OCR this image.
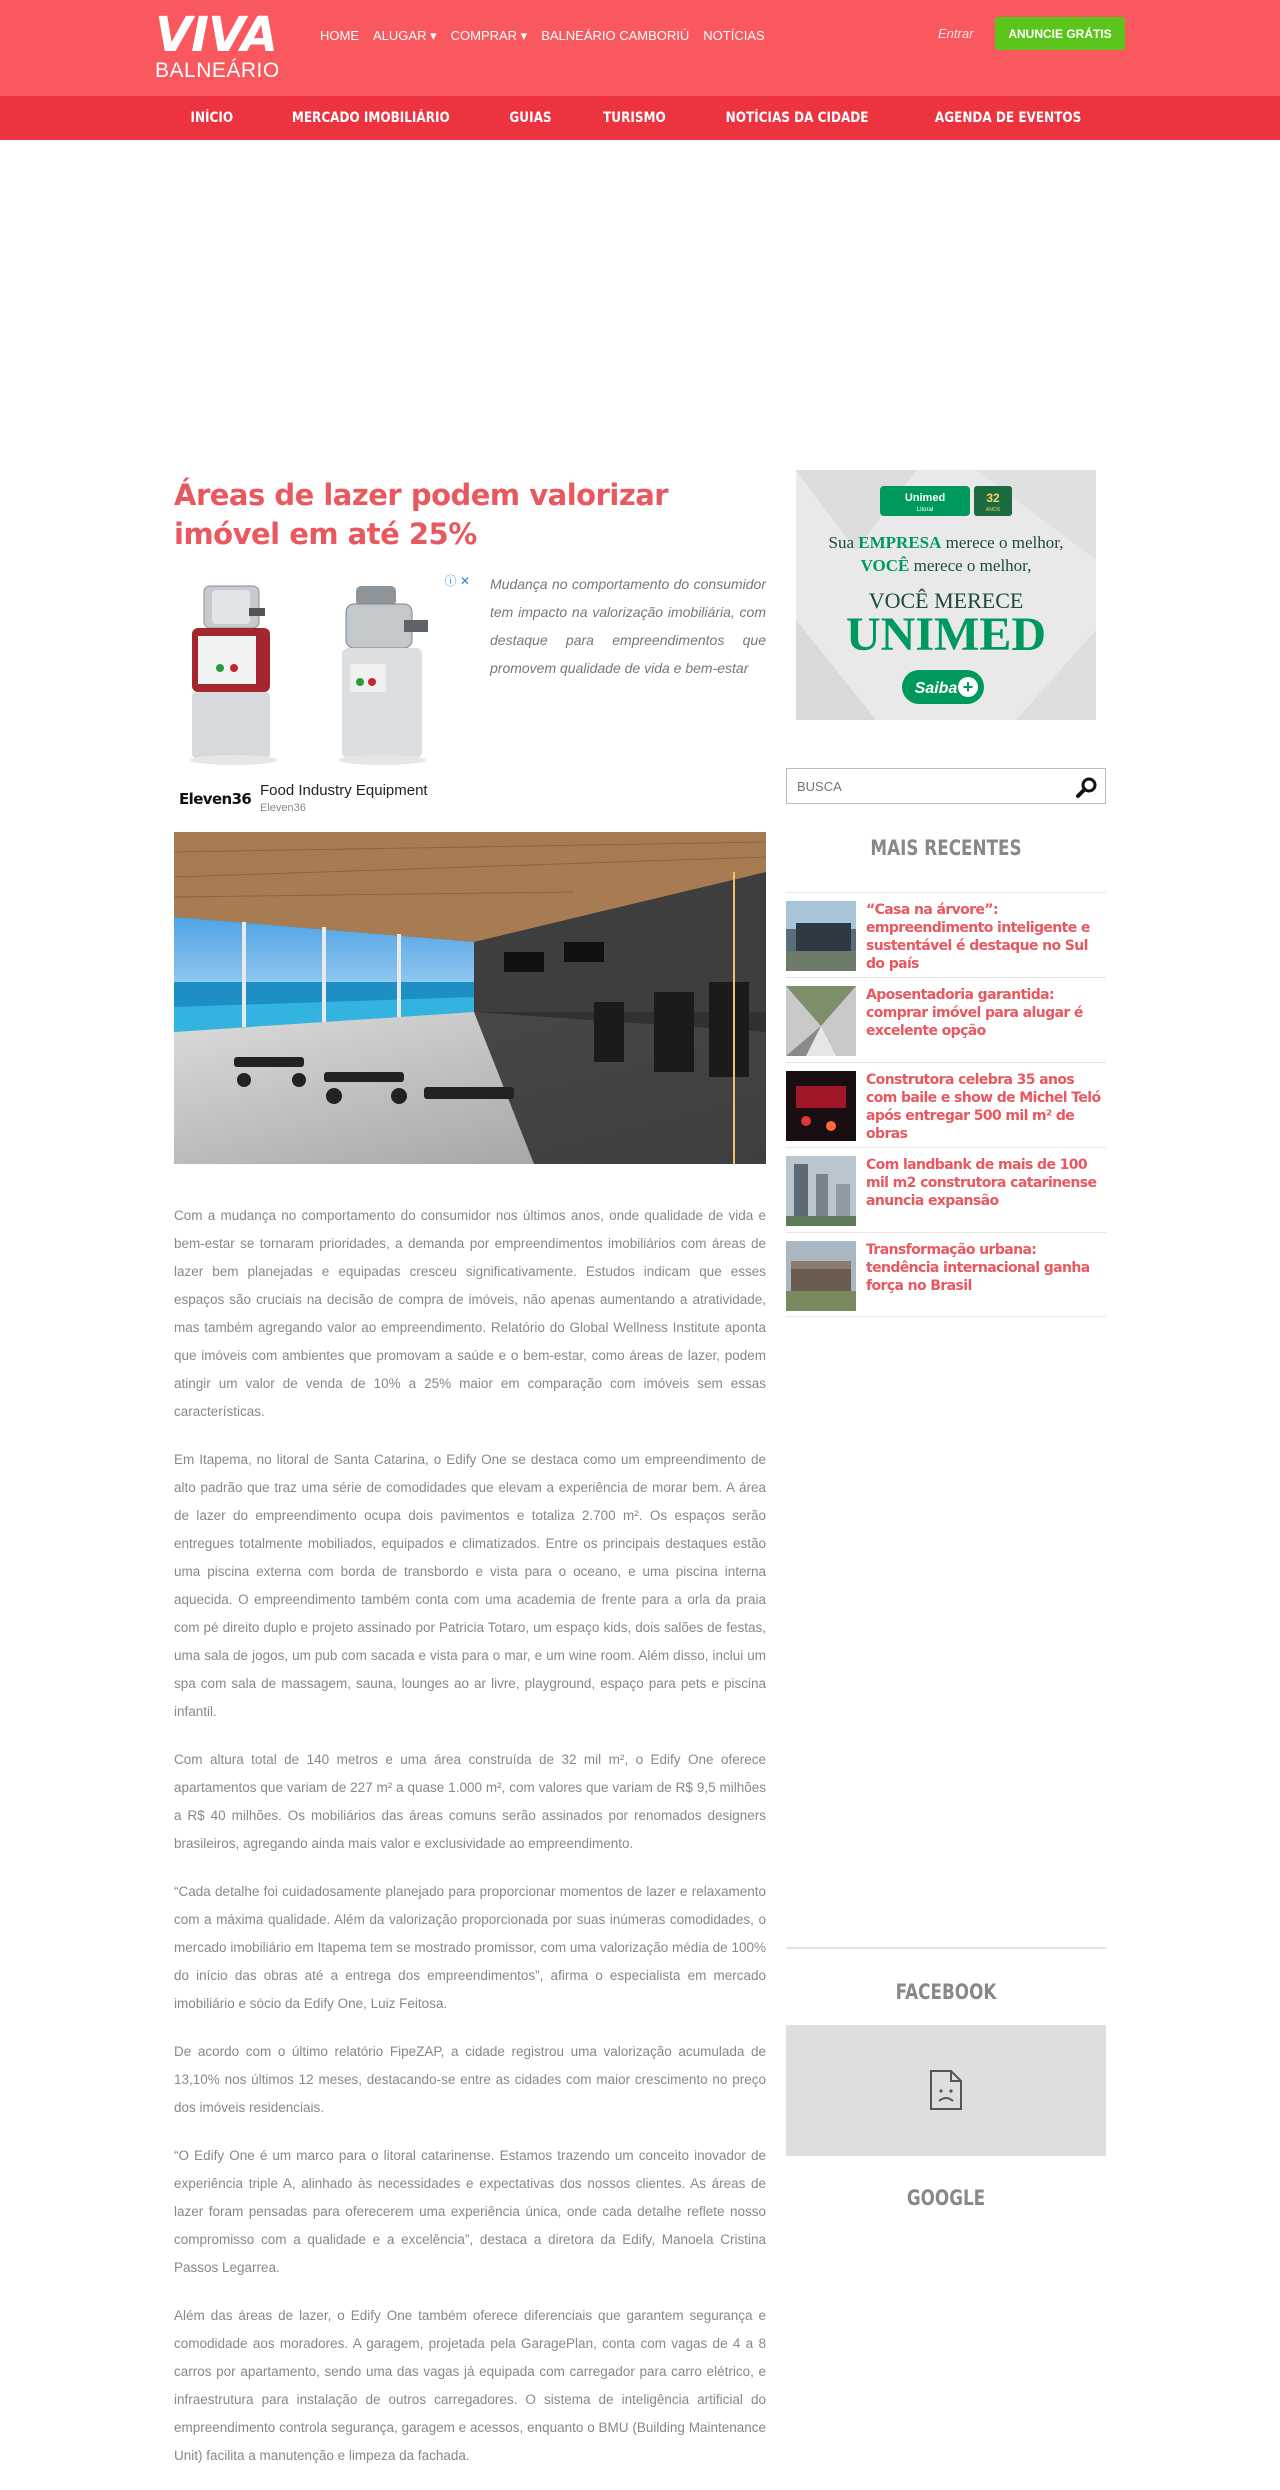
VIVA
BALNEÁRIO
HOME ALUGAR ▾ COMPRAR ▾ BALNEÁRIO CAMBORIÚ NOTÍCIAS	Entrar	ANUNCIE GRÁTIS
INÍCIO	MERCADO IMOBILIÁRIO	GUIAS	TURISMO	NOTÍCIAS DA CIDADE	AGENDA DE EVENTOS
Áreas de lazer podem valorizar imóvel em até 25%
ⓘ ✕
Eleven36 Food Industry Equipment
Eleven36

Mudança no comportamento do consumidor tem impacto na valorização imobiliária, com destaque para empreendimentos que promovem qualidade de vida e bem-estar

Com a mudança no comportamento do consumidor nos últimos anos, onde qualidade de vida e bem-estar se tornaram prioridades, a demanda por empreendimentos imobiliários com áreas de lazer bem planejadas e equipadas cresceu significativamente. Estudos indicam que esses espaços são cruciais na decisão de compra de imóveis, não apenas aumentando a atratividade, mas também agregando valor ao empreendimento. Relatório do Global Wellness Institute aponta que imóveis com ambientes que promovam a saúde e o bem-estar, como áreas de lazer, podem atingir um valor de venda de 10% a 25% maior em comparação com imóveis sem essas características.

Em Itapema, no litoral de Santa Catarina, o Edify One se destaca como um empreendimento de alto padrão que traz uma série de comodidades que elevam a experiência de morar bem. A área de lazer do empreendimento ocupa dois pavimentos e totaliza 2.700 m². Os espaços serão entregues totalmente mobiliados, equipados e climatizados. Entre os principais destaques estão uma piscina externa com borda de transbordo e vista para o oceano, e uma piscina interna aquecida. O empreendimento também conta com uma academia de frente para a orla da praia com pé direito duplo e projeto assinado por Patricia Totaro, um espaço kids, dois salões de festas, uma sala de jogos, um pub com sacada e vista para o mar, e um wine room. Além disso, inclui um spa com sala de massagem, sauna, lounges ao ar livre, playground, espaço para pets e piscina infantil.

Com altura total de 140 metros e uma área construída de 32 mil m², o Edify One oferece apartamentos que variam de 227 m² a quase 1.000 m², com valores que variam de R$ 9,5 milhões a R$ 40 milhões. Os mobiliários das áreas comuns serão assinados por renomados designers brasileiros, agregando ainda mais valor e exclusividade ao empreendimento.

“Cada detalhe foi cuidadosamente planejado para proporcionar momentos de lazer e relaxamento com a máxima qualidade. Além da valorização proporcionada por suas inúmeras comodidades, o mercado imobiliário em Itapema tem se mostrado promissor, com uma valorização média de 100% do início das obras até a entrega dos empreendimentos”, afirma o especialista em mercado imobiliário e sócio da Edify One, Luiz Feitosa.

De acordo com o último relatório FipeZAP, a cidade registrou uma valorização acumulada de 13,10% nos últimos 12 meses, destacando-se entre as cidades com maior crescimento no preço dos imóveis residenciais.

“O Edify One é um marco para o litoral catarinense. Estamos trazendo um conceito inovador de experiência triple A, alinhado às necessidades e expectativas dos nossos clientes. As áreas de lazer foram pensadas para oferecerem uma experiência única, onde cada detalhe reflete nosso compromisso com a qualidade e a excelência”, destaca a diretora da Edify, Manoela Cristina Passos Legarrea.

Além das áreas de lazer, o Edify One também oferece diferenciais que garantem segurança e comodidade aos moradores. A garagem, projetada pela GaragePlan, conta com vagas de 4 a 8 carros por apartamento, sendo uma das vagas já equipada com carregador para carro elétrico, e infraestrutura para instalação de outros carregadores. O sistema de inteligência artificial do empreendimento controla segurança, garagem e acessos, enquanto o BMU (Building Maintenance Unit) facilita a manutenção e limpeza da fachada.

Unimed
Litoral
32
ANOS
Sua EMPRESA merece o melhor,
VOCÊ merece o melhor,
VOCÊ MERECE
UNIMED
Saiba +
BUSCA
MAIS RECENTES
“Casa na árvore”: empreendimento inteligente e sustentável é destaque no Sul do país
Aposentadoria garantida: comprar imóvel para alugar é excelente opção
Construtora celebra 35 anos com baile e show de Michel Teló após entregar 500 mil m² de obras
Com landbank de mais de 100 mil m2 construtora catarinense anuncia expansão
Transformação urbana: tendência internacional ganha força no Brasil
FACEBOOK
GOOGLE
